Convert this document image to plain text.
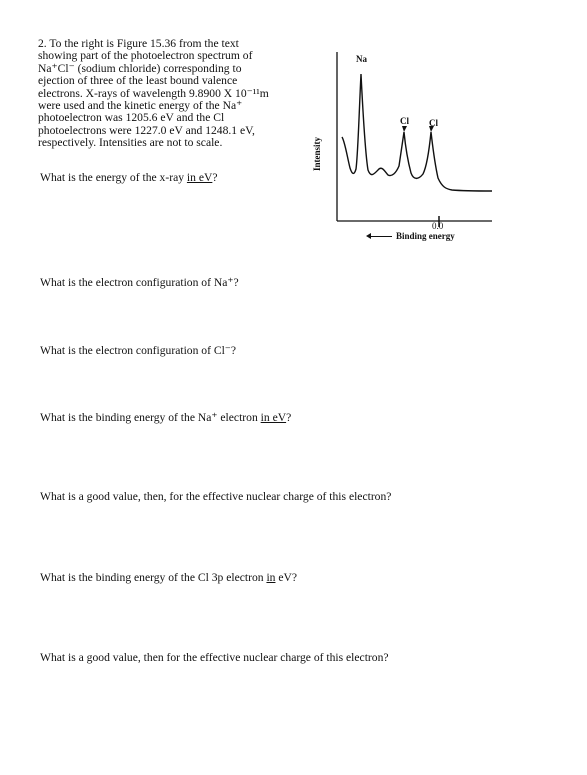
2. To the right is Figure 15.36 from the text

showing part of the photoelectron spectrum of

Na⁺Cl⁻ (sodium chloride) corresponding to

ejection of three of the least bound valence

electrons. X-rays of wavelength 9.8900 X 10⁻¹¹m

were used and the kinetic energy of the Na⁺

photoelectron was 1205.6 eV and the Cl

photoelectrons were 1227.0 eV and 1248.1 eV,

respectively. Intensities are not to scale.

What is the energy of the x-ray in eV?
What is the electron configuration of Na⁺?
What is the electron configuration of Cl⁻?
What is the binding energy of the Na⁺ electron in eV?
What is a good value, then, for the effective nuclear charge of this electron?
What is the binding energy of the Cl 3p electron in eV?
What is a good value, then for the effective nuclear charge of this electron?
Intensity
Na
Cl Cl
0.0
Binding energy
